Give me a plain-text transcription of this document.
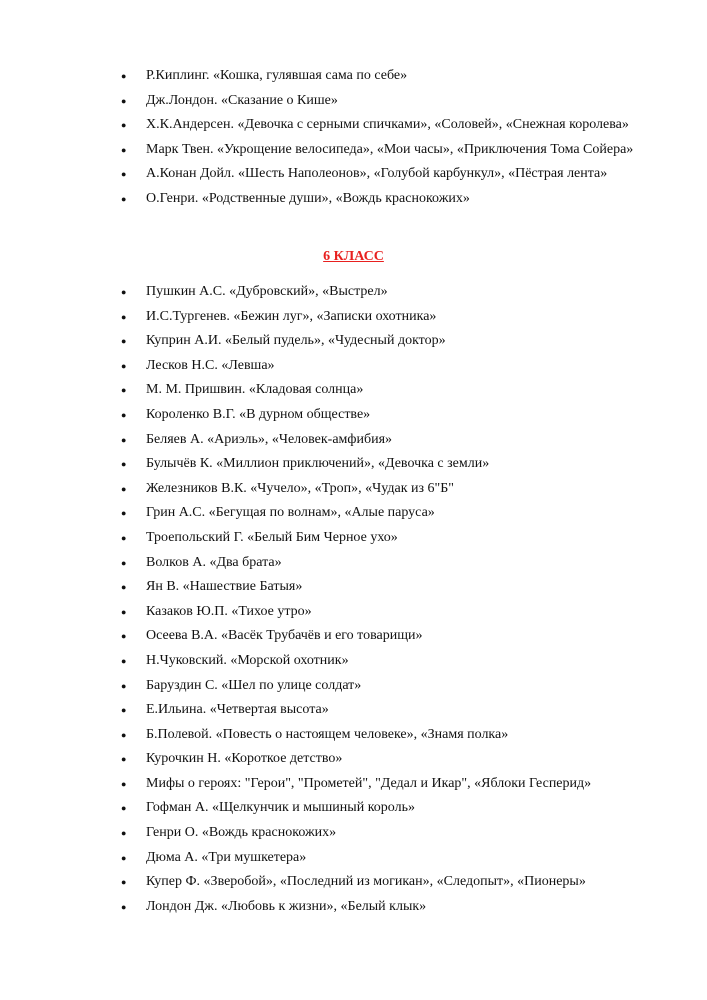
● Р.Киплинг. «Кошка, гулявшая сама по себе»
● Дж.Лондон. «Сказание о Кише»
● Х.К.Андерсен. «Девочка с серными спичками», «Соловей», «Снежная королева»
● Марк Твен. «Укрощение велосипеда», «Мои часы», «Приключения Тома Сойера»
● А.Конан Дойл. «Шесть Наполеонов», «Голубой карбункул», «Пёстрая лента»
● О.Генри. «Родственные души», «Вождь краснокожих»
6 КЛАСС
● Пушкин А.С. «Дубровский», «Выстрел»
● И.С.Тургенев. «Бежин луг», «Записки охотника»
● Куприн А.И. «Белый пудель», «Чудесный доктор»
● Лесков Н.С. «Левша»
● М. М. Пришвин. «Кладовая солнца»
● Короленко В.Г. «В дурном обществе»
● Беляев А. «Ариэль», «Человек-амфибия»
● Булычёв К. «Миллион приключений», «Девочка с земли»
● Железников В.К. «Чучело», «Троп», «Чудак из 6"Б"
● Грин А.С. «Бегущая по волнам», «Алые паруса»
● Троепольский Г. «Белый Бим Черное ухо»
● Волков А. «Два брата»
● Ян В. «Нашествие Батыя»
● Казаков Ю.П. «Тихое утро»
● Осеева В.А. «Васёк Трубачёв и его товарищи»
● Н.Чуковский. «Морской охотник»
● Баруздин С. «Шел по улице солдат»
● Е.Ильина. «Четвертая высота»
● Б.Полевой. «Повесть о настоящем человеке», «Знамя полка»
● Курочкин Н. «Короткое детство»
● Мифы о героях: "Герои", "Прометей", "Дедал и Икар", «Яблоки Гесперид»
● Гофман А. «Щелкунчик и мышиный король»
● Генри О. «Вождь краснокожих»
● Дюма А. «Три мушкетера»
● Купер Ф. «Зверобой», «Последний из могикан», «Следопыт», «Пионеры»
● Лондон Дж. «Любовь к жизни», «Белый клык»
